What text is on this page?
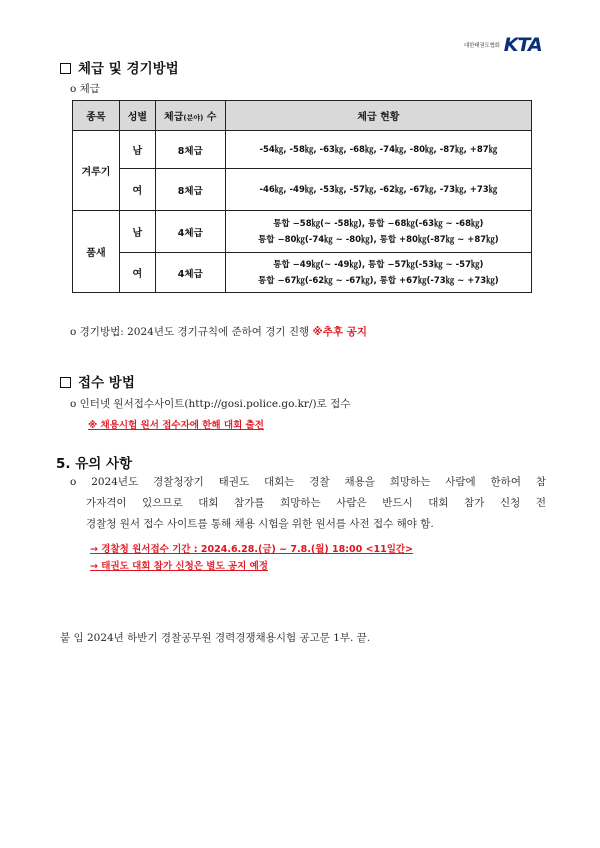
대한태권도협회 KTA
체급 및 경기방법
o 체급
종목	성별	체급(분야) 수	체급 현황
겨루기	남	8체급	-54㎏, -58㎏, -63㎏, -68㎏, -74㎏, -80㎏, -87㎏, +87㎏
	여	8체급	-46㎏, -49㎏, -53㎏, -57㎏, -62㎏, -67㎏, -73㎏, +73㎏
품새	남	4체급	통합 −58㎏(~ -58㎏), 통합 −68㎏(-63㎏ ~ -68㎏)
통합 −80㎏(-74㎏ ~ -80㎏), 통합 +80㎏(-87㎏ ~ +87㎏)

	여	4체급	통합 −49㎏(~ -49㎏), 통합 −57㎏(-53㎏ ~ -57㎏)
통합 −67㎏(-62㎏ ~ -67㎏), 통합 +67㎏(-73㎏ ~ +73㎏)
o 경기방법: 2024년도 경기규칙에 준하여 경기 진행 ※추후 공지
접수 방법
o 인터넷 원서접수사이트(http://gosi.police.go.kr/)로 접수
※ 채용시험 원서 접수자에 한해 대회 출전
5. 유의 사항
o 2024년도 경찰청장기 태권도 대회는 경찰 채용을 희망하는 사람에 한하여 참
가자격이 있으므로 대회 참가를 희망하는 사람은 반드시 대회 참가 신청 전
경찰청 원서 접수 사이트를 통해 채용 시험을 위한 원서를 사전 접수 해야 함.
→ 경찰청 원서접수 기간 : 2024.6.28.(금) ~ 7.8.(월) 18:00 <11일간>
→ 태권도 대회 참가 신청은 별도 공지 예정
붙 임 2024년 하반기 경찰공무원 경력경쟁채용시험 공고문 1부. 끝.
